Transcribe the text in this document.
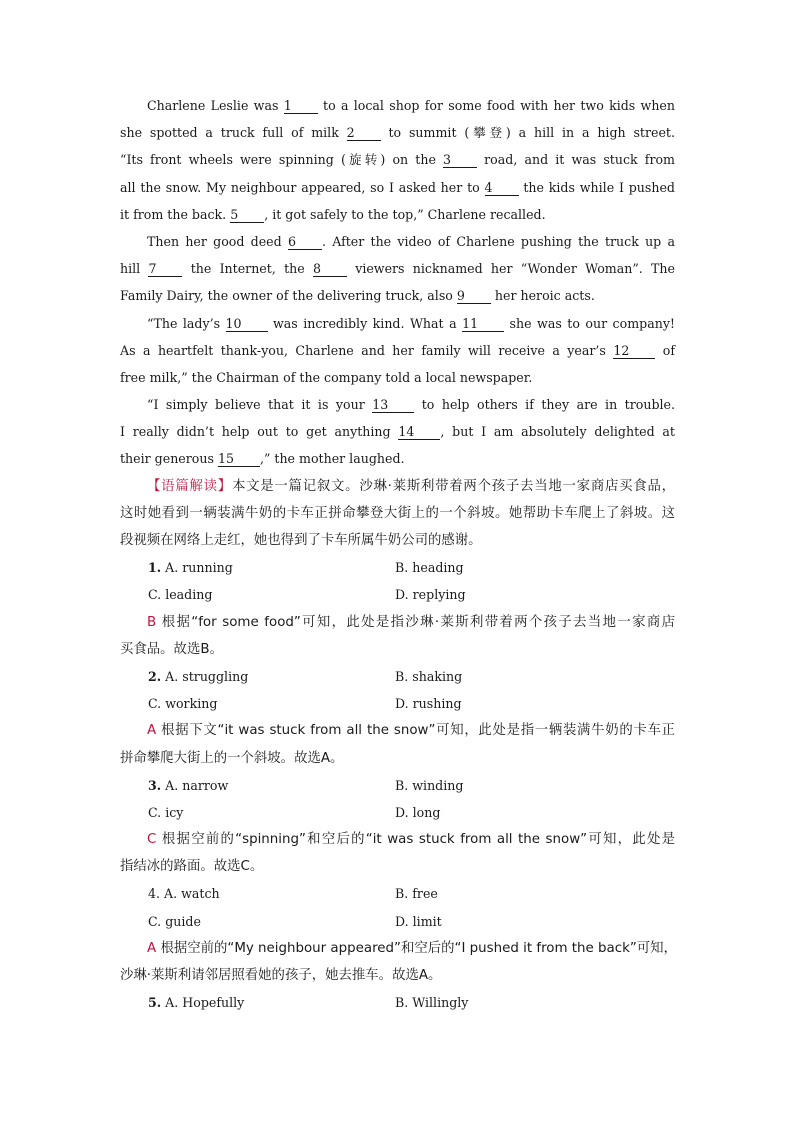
Charlene Leslie was 1 to a local shop for some food with her two kids when
she spotted a truck full of milk 2 to summit (攀登) a hill in a high street.
“Its front wheels were spinning (旋转) on the 3 road, and it was stuck from
all the snow. My neighbour appeared, so I asked her to 4 the kids while I pushed
it from the back. 5 , it got safely to the top,” Charlene recalled.
Then her good deed 6 . After the video of Charlene pushing the truck up a
hill 7 the Internet, the 8 viewers nicknamed her “Wonder Woman”. The
Family Dairy, the owner of the delivering truck, also 9 her heroic acts.
“The lady’s 10 was incredibly kind. What a 11 she was to our company!
As a heartfelt thank-you, Charlene and her family will receive a year’s 12 of
free milk,” the Chairman of the company told a local newspaper.
“I simply believe that it is your 13 to help others if they are in trouble.
I really didn’t help out to get anything 14 , but I am absolutely delighted at
their generous 15 ,” the mother laughed.
【语篇解读】本文是一篇记叙文。沙琳·莱斯利带着两个孩子去当地一家商店买食品，
这时她看到一辆装满牛奶的卡车正拼命攀登大街上的一个斜坡。她帮助卡车爬上了斜坡。这
段视频在网络上走红，她也得到了卡车所属牛奶公司的感谢。
1. A. running	B. heading
C. leading	D. replying
B 根据“for some food”可知，此处是指沙琳·莱斯利带着两个孩子去当地一家商店
买食品。故选B。
2. A. struggling	B. shaking
C. working	D. rushing
A 根据下文“it was stuck from all the snow”可知，此处是指一辆装满牛奶的卡车正
拼命攀爬大街上的一个斜坡。故选A。
3. A. narrow	B. winding
C. icy	D. long
C 根据空前的“spinning”和空后的“it was stuck from all the snow”可知，此处是
指结冰的路面。故选C。
4. A. watch	B. free
C. guide	D. limit
A 根据空前的“My neighbour appeared”和空后的“I pushed it from the back”可知，
沙琳·莱斯利请邻居照看她的孩子，她去推车。故选A。
5. A. Hopefully	B. Willingly
